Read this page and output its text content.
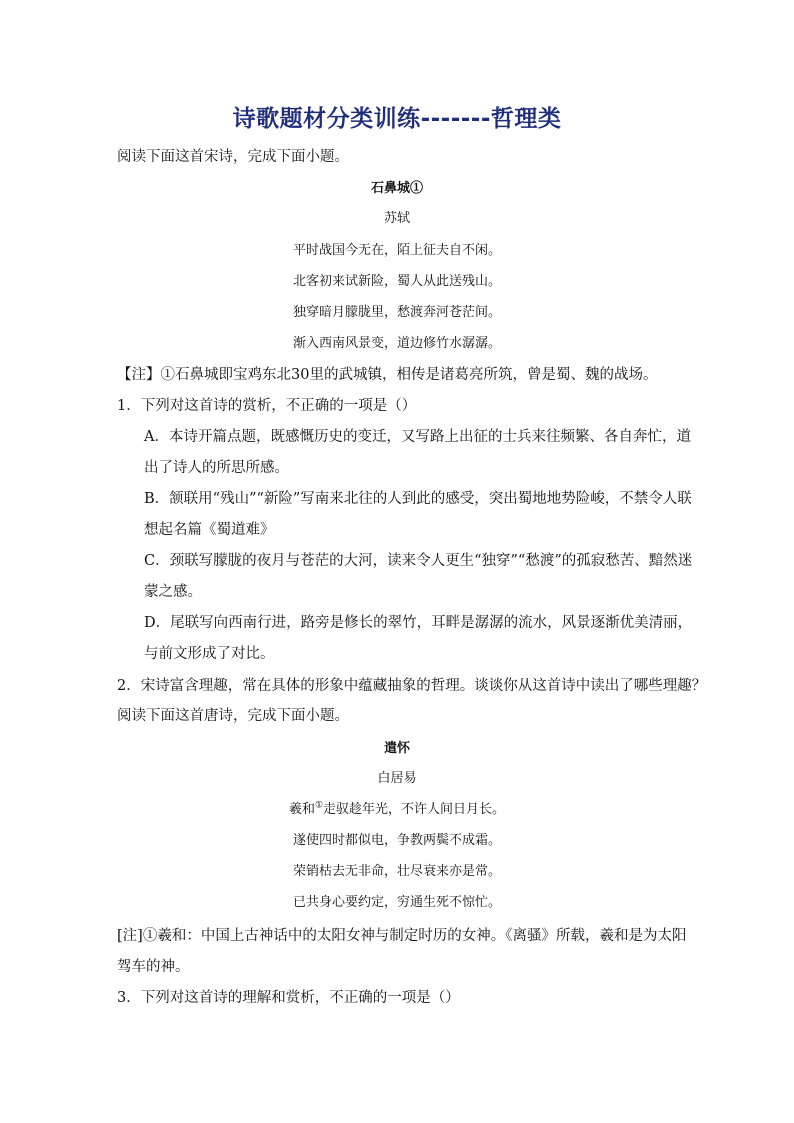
诗歌题材分类训练-------哲理类
阅读下面这首宋诗，完成下面小题。
石鼻城①
苏轼
平时战国今无在，陌上征夫自不闲。
北客初来试新险，蜀人从此送残山。
独穿暗月朦胧里，愁渡奔河苍茫间。
渐入西南风景变，道边修竹水潺潺。
【注】①石鼻城即宝鸡东北30里的武城镇，相传是诸葛亮所筑，曾是蜀、魏的战场。
1．下列对这首诗的赏析，不正确的一项是（）
A．本诗开篇点题，既感慨历史的变迁，又写路上出征的士兵来往频繁、各自奔忙，道
出了诗人的所思所感。
B．颔联用“残山”“新险”写南来北往的人到此的感受，突出蜀地地势险峻，不禁令人联
想起名篇《蜀道难》
C．颈联写朦胧的夜月与苍茫的大河，读来令人更生“独穿”“愁渡”的孤寂愁苦、黯然迷
蒙之感。
D．尾联写向西南行进，路旁是修长的翠竹，耳畔是潺潺的流水，风景逐渐优美清丽，
与前文形成了对比。
2．宋诗富含理趣，常在具体的形象中蕴藏抽象的哲理。谈谈你从这首诗中读出了哪些理趣？
阅读下面这首唐诗，完成下面小题。
遣怀
白居易
羲和①走驭趁年光，不许人间日月长。
遂使四时都似电，争教两鬓不成霜。
荣销枯去无非命，壮尽衰来亦是常。
已共身心要约定，穷通生死不惊忙。
[注]①羲和：中国上古神话中的太阳女神与制定时历的女神。《离骚》所载，羲和是为太阳
驾车的神。
3．下列对这首诗的理解和赏析，不正确的一项是（）
